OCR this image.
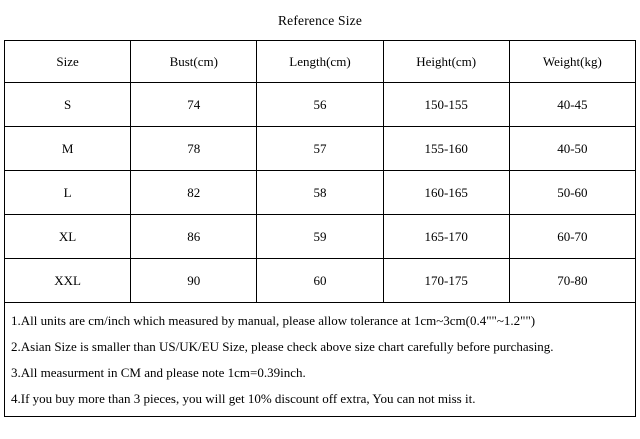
Reference Size
Size	Bust(cm)	Length(cm)	Height(cm)	Weight(kg)
S	74	56	150-155	40-45
M	78	57	155-160	40-50
L	82	58	160-165	50-60
XL	86	59	165-170	60-70
XXL	90	60	170-175	70-80
1.All units are cm/inch which measured by manual, please allow tolerance at 1cm~3cm(0.4""~1.2"")
2.Asian Size is smaller than US/UK/EU Size, please check above size chart carefully before purchasing.
3.All measurment in CM and please note 1cm=0.39inch.
4.If you buy more than 3 pieces, you will get 10% discount off extra, You can not miss it.
